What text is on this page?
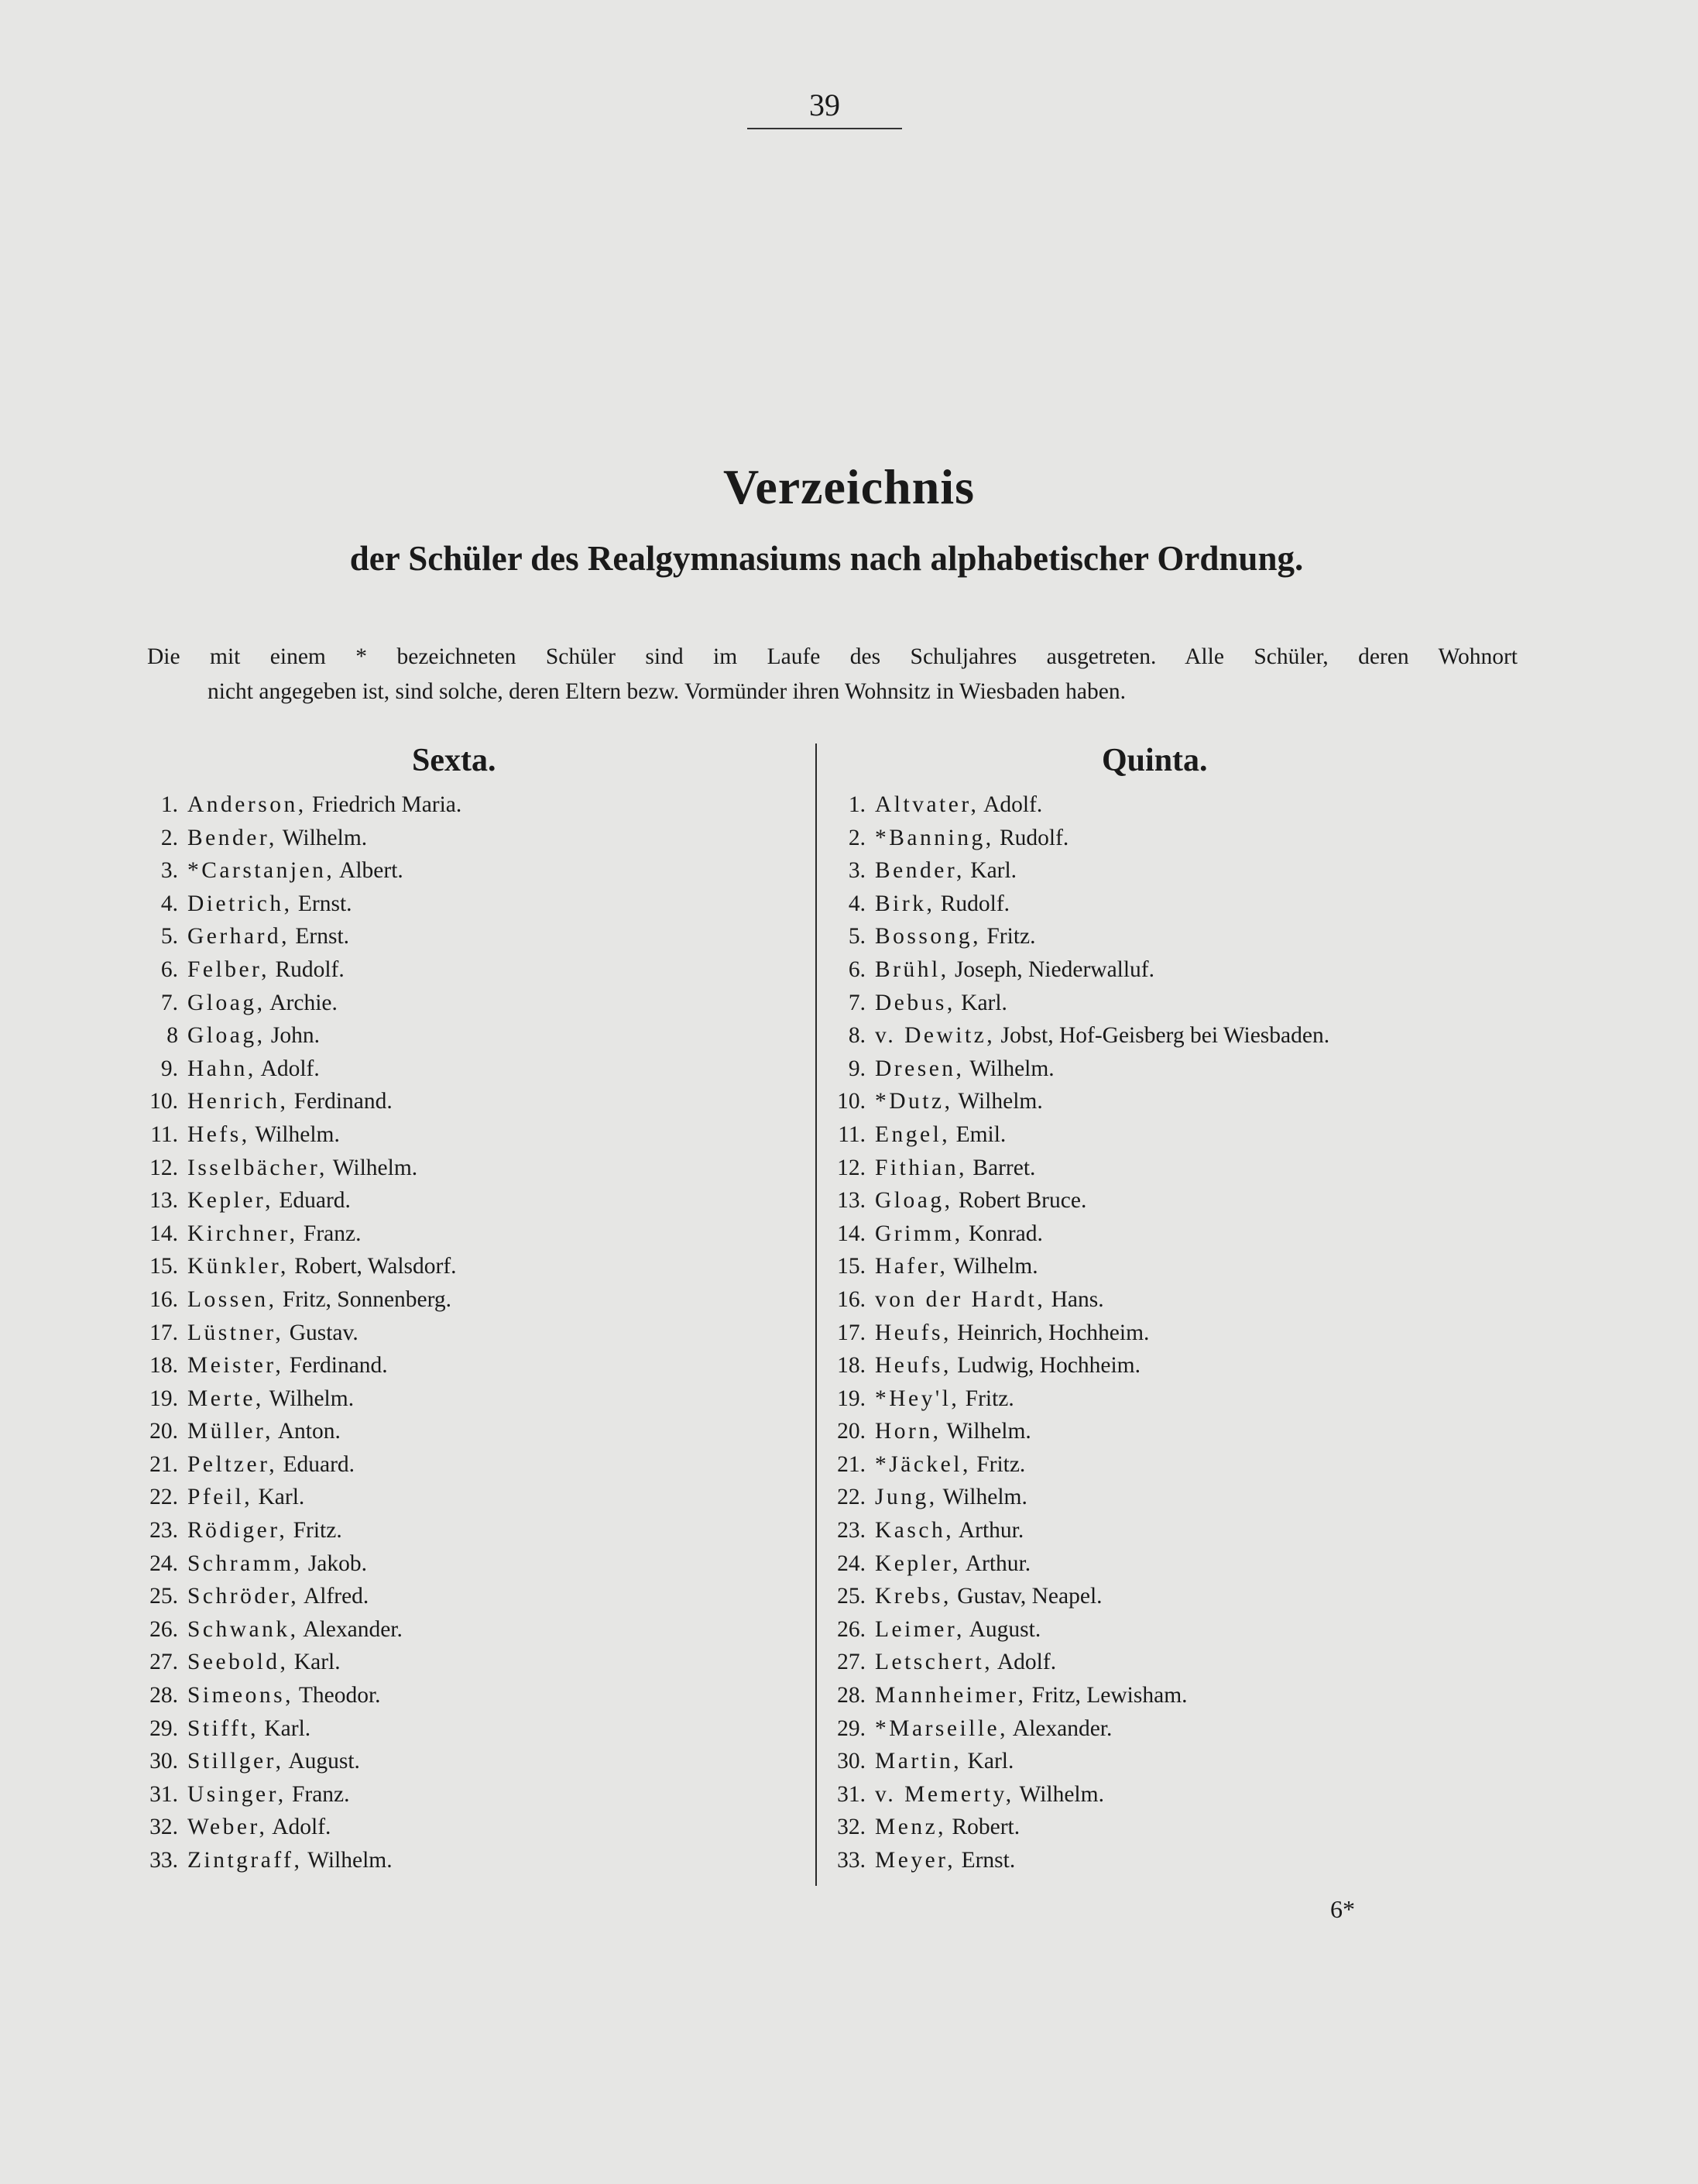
39
Verzeichnis
der Schüler des Realgymnasiums nach alphabetischer Ordnung.
Die mit einem * bezeichneten Schüler sind im Laufe des Schuljahres ausgetreten. Alle Schüler, deren Wohnort
nicht angegeben ist, sind solche, deren Eltern bezw. Vormünder ihren Wohnsitz in Wiesbaden haben.
Sexta.	Quinta.
1. Anderson, Friedrich Maria.
2. Bender, Wilhelm.
3. *Carstanjen, Albert.
4. Dietrich, Ernst.
5. Gerhard, Ernst.
6. Felber, Rudolf.
7. Gloag, Archie.
8 Gloag, John.
9. Hahn, Adolf.
10. Henrich, Ferdinand.
11. Hefs, Wilhelm.
12. Isselbächer, Wilhelm.
13. Kepler, Eduard.
14. Kirchner, Franz.
15. Künkler, Robert, Walsdorf.
16. Lossen, Fritz, Sonnenberg.
17. Lüstner, Gustav.
18. Meister, Ferdinand.
19. Merte, Wilhelm.
20. Müller, Anton.
21. Peltzer, Eduard.
22. Pfeil, Karl.
23. Rödiger, Fritz.
24. Schramm, Jakob.
25. Schröder, Alfred.
26. Schwank, Alexander.
27. Seebold, Karl.
28. Simeons, Theodor.
29. Stifft, Karl.
30. Stillger, August.
31. Usinger, Franz.
32. Weber, Adolf.
33. Zintgraff, Wilhelm.
1. Altvater, Adolf.
2. *Banning, Rudolf.
3. Bender, Karl.
4. Birk, Rudolf.
5. Bossong, Fritz.
6. Brühl, Joseph, Niederwalluf.
7. Debus, Karl.
8. v. Dewitz, Jobst, Hof-Geisberg bei Wiesbaden.
9. Dresen, Wilhelm.
10. *Dutz, Wilhelm.
11. Engel, Emil.
12. Fithian, Barret.
13. Gloag, Robert Bruce.
14. Grimm, Konrad.
15. Hafer, Wilhelm.
16. von der Hardt, Hans.
17. Heufs, Heinrich, Hochheim.
18. Heufs, Ludwig, Hochheim.
19. *Hey'l, Fritz.
20. Horn, Wilhelm.
21. *Jäckel, Fritz.
22. Jung, Wilhelm.
23. Kasch, Arthur.
24. Kepler, Arthur.
25. Krebs, Gustav, Neapel.
26. Leimer, August.
27. Letschert, Adolf.
28. Mannheimer, Fritz, Lewisham.
29. *Marseille, Alexander.
30. Martin, Karl.
31. v. Memerty, Wilhelm.
32. Menz, Robert.
33. Meyer, Ernst.
6*
